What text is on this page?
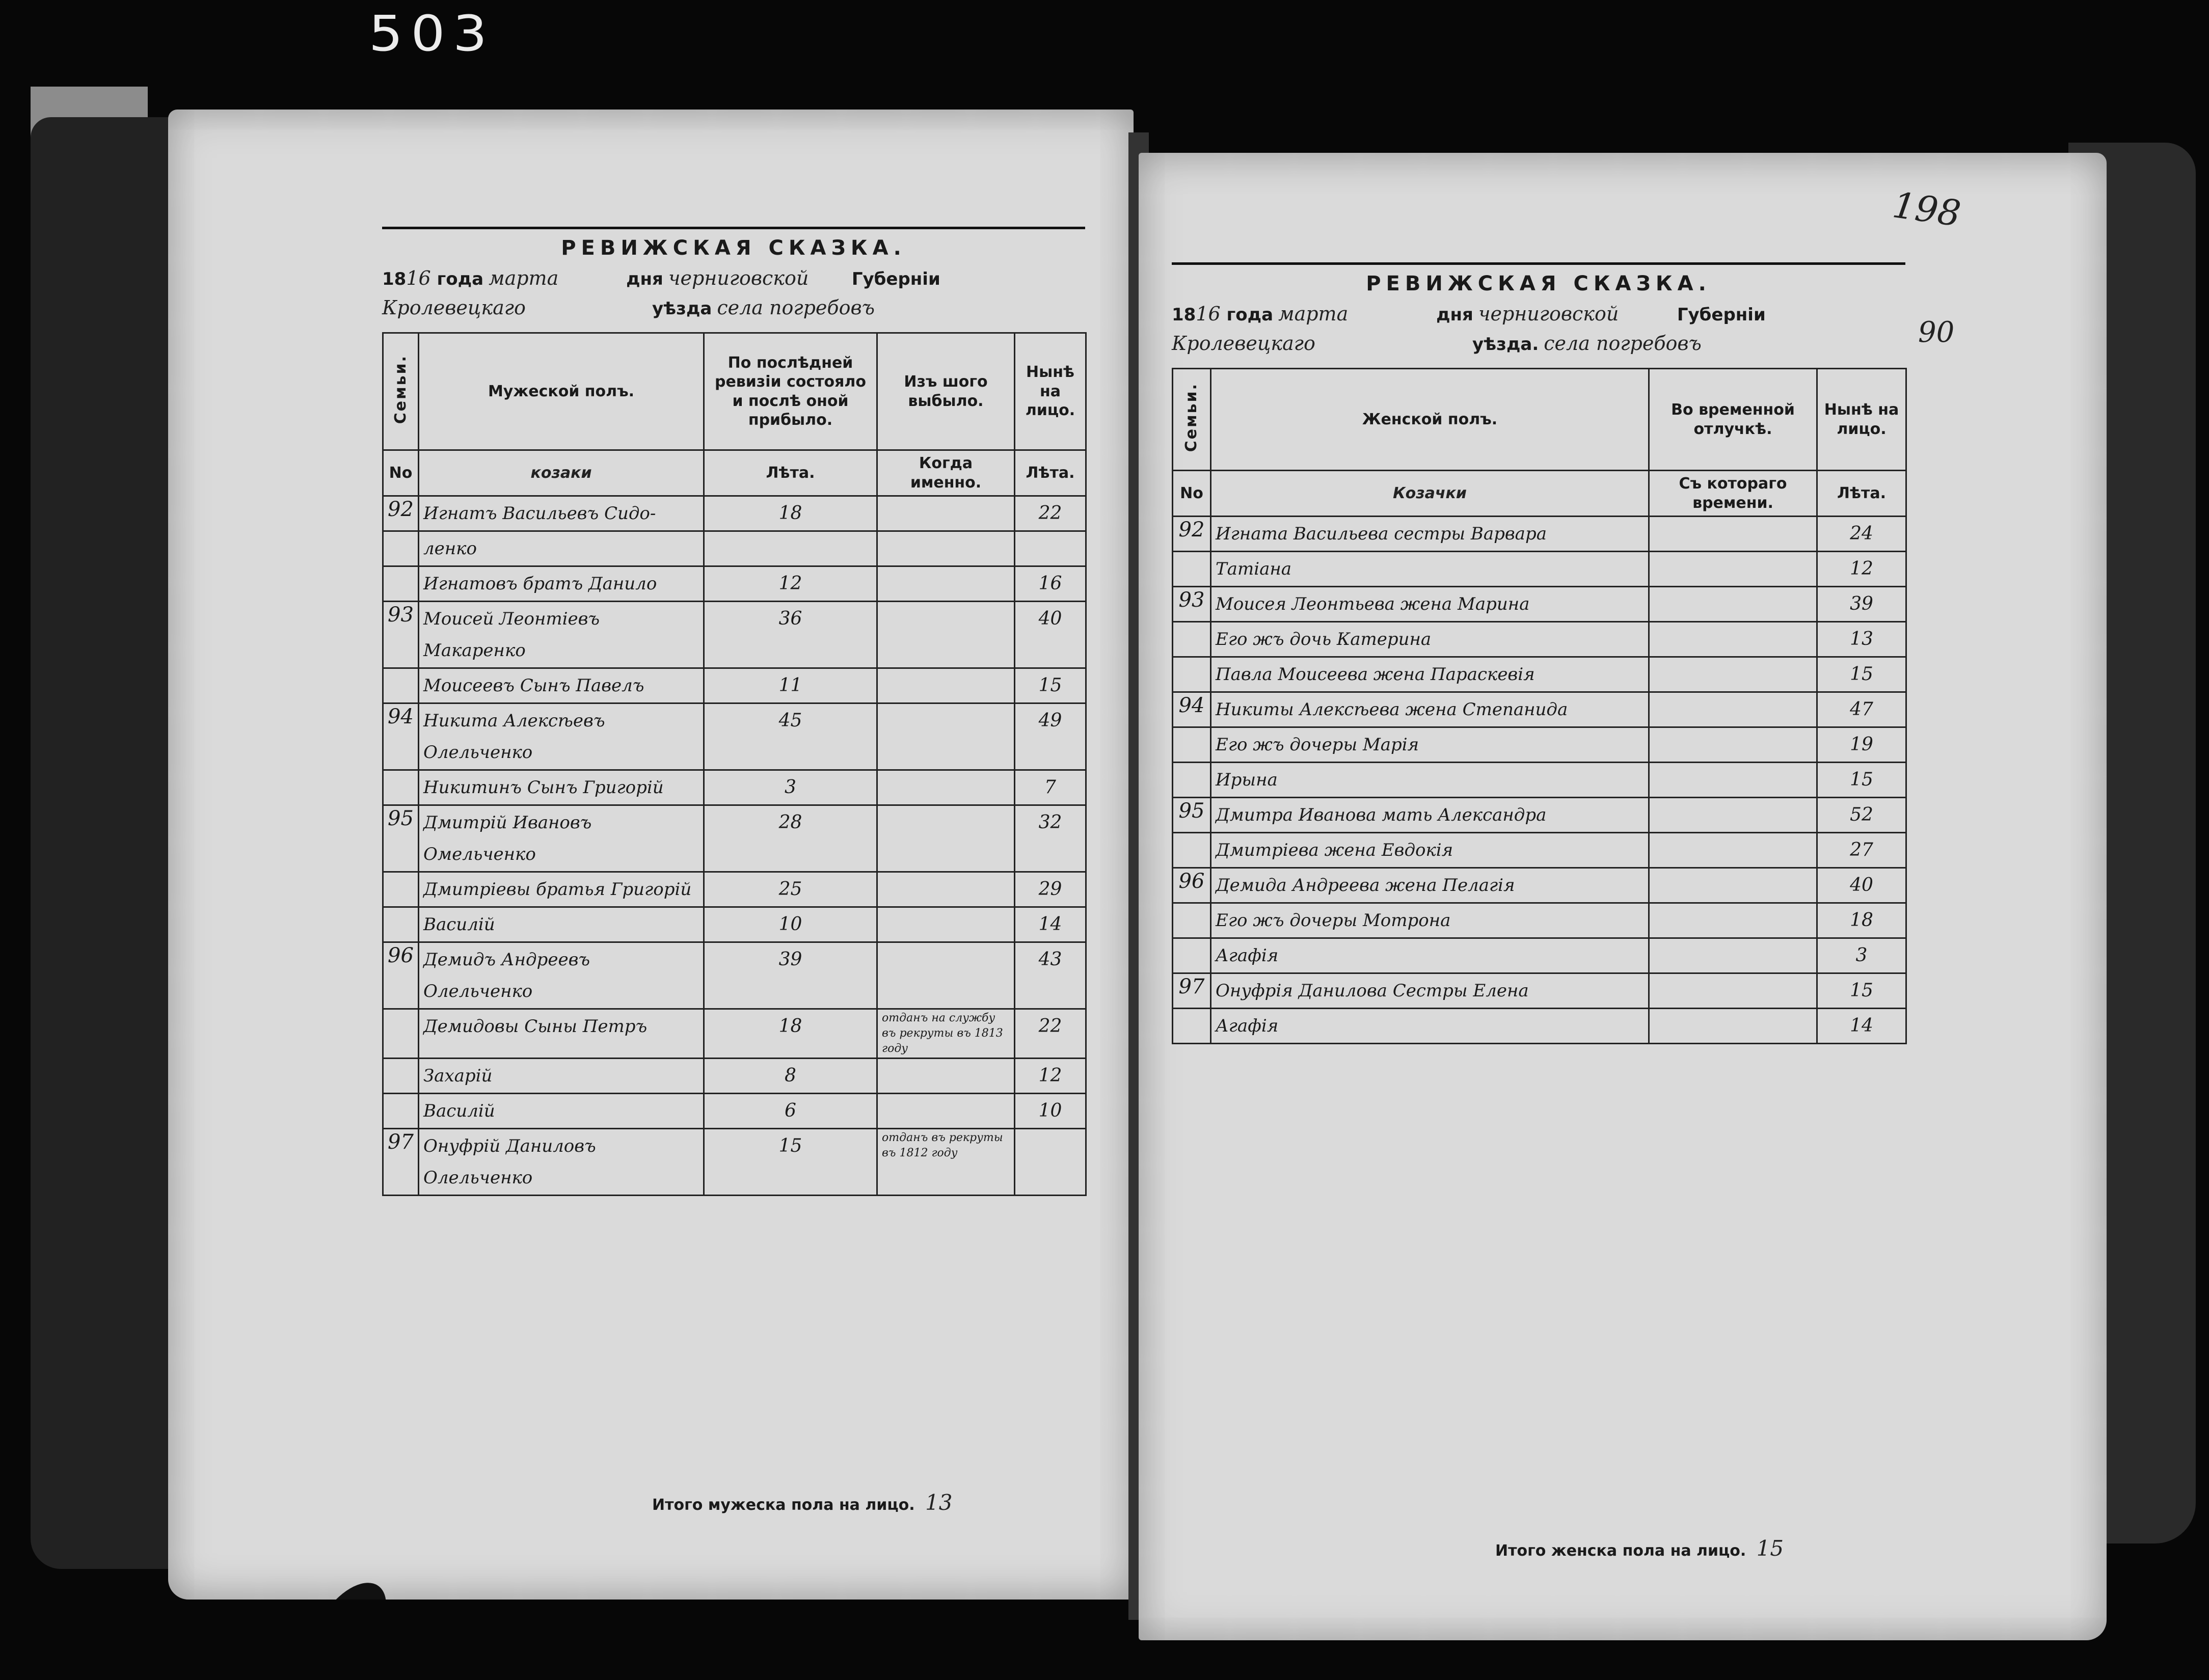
503
РЕВИЖСКАЯ СКАЗКА.
18 16
года марта	дня черниговской	Губерніи
Кролевецкаго	уѣзда села погребовъ
Семьи.	Мужеской полъ.	По послѣдней ревизіи состояло и послѣ оной прибыло.	Изъ шого выбыло.	Нынѣ на лицо.
No	козаки	Лѣта.	Когда именно.	Лѣта.
92	Игнатъ Васильевъ Сидо-	18		22
	ленко			
	Игнатовъ братъ Данило	12		16
93	Моисей Леонтіевъ Макаренко	36		40
	Моисеевъ Сынъ Павелъ	11		15
94	Никита Алексѣевъ Олельченко	45		49
	Никитинъ Сынъ Григорій	3		7
95	Дмитрій Ивановъ Омельченко	28		32
	Дмитріевы братья Григорій	25		29
	Василій	10		14
96	Демидъ Андреевъ Олельченко	39		43
	Демидовы Сыны Петръ	18	отданъ на службу въ рекруты въ 1813 году	22
	Захарій	8		12
	Василій	6		10
97	Онуфрій Даниловъ Олельченко	15	отданъ въ рекруты въ 1812 году	
Итого мужеска пола на лицо. 13
198
90
РЕВИЖСКАЯ СКАЗКА.
18 16
года марта	дня черниговской	Губерніи
Кролевецкаго	уѣзда. села погребовъ
Семьи.	Женской полъ.	Во временной отлучкѣ.	Нынѣ на лицо.
No	Козачки	Съ котораго времени.	Лѣта.
92	Игната Васильева сестры Варвара		24
	Татіана		12
93	Моисея Леонтьева жена Марина		39
	Его жъ дочь Катерина		13
	Павла Моисеева жена Параскевія		15
94	Никиты Алексѣева жена Степанида		47
	Его жъ дочеры Марія		19
	Ирына		15
95	Дмитра Иванова мать Александра		52
	Дмитріева жена Евдокія		27
96	Демида Андреева жена Пелагія		40
	Его жъ дочеры Мотрона		18
	Агафія		3
97	Онуфрія Данилова Сестры Елена		15
	Агафія		14
Итого женска пола на лицо. 15
